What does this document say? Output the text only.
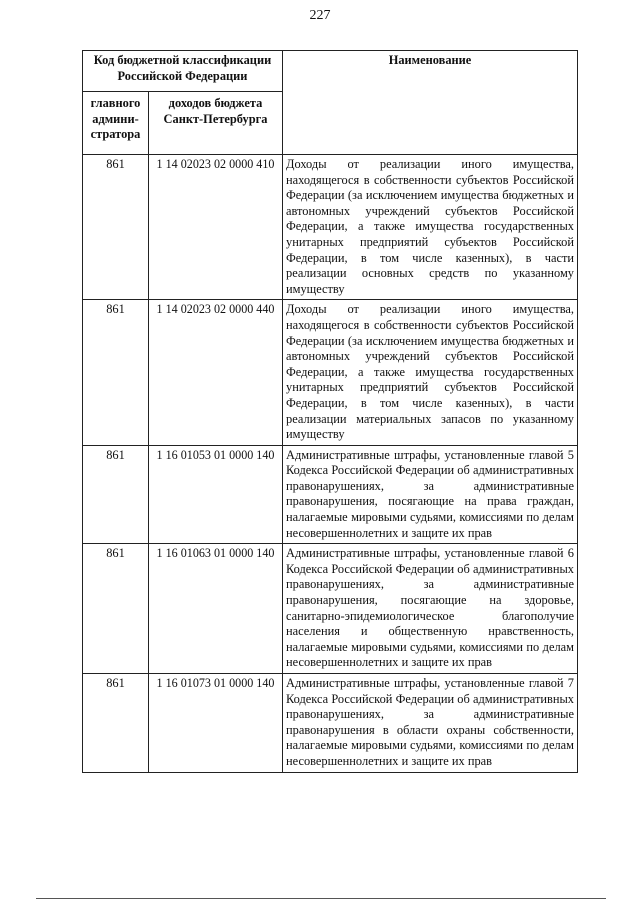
227
Код бюджетной классификации Российской Федерации		Наименование
главного админи-стратора	доходов бюджета Санкт-Петербурга	
861	1 14 02023 02 0000 410	Доходы от реализации иного имущества, находящегося в собственности субъектов Российской Федерации (за исключением имущества бюджетных и автономных учреждений субъектов Российской Федерации, а также имущества государственных унитарных предприятий субъектов Российской Федерации, в том числе казенных), в части реализации основных средств по указанному имуществу
861	1 14 02023 02 0000 440	Доходы от реализации иного имущества, находящегося в собственности субъектов Российской Федерации (за исключением имущества бюджетных и автономных учреждений субъектов Российской Федерации, а также имущества государственных унитарных предприятий субъектов Российской Федерации, в том числе казенных), в части реализации материальных запасов по указанному имуществу
861	1 16 01053 01 0000 140	Административные штрафы, установленные главой 5 Кодекса Российской Федерации об административных правонарушениях, за административные правонарушения, посягающие на права граждан, налагаемые мировыми судьями, комиссиями по делам несовершеннолетних и защите их прав
861	1 16 01063 01 0000 140	Административные штрафы, установленные главой 6 Кодекса Российской Федерации об административных правонарушениях, за административные правонарушения, посягающие на здоровье, санитарно-эпидемиологическое благополучие населения и общественную нравственность, налагаемые мировыми судьями, комиссиями по делам несовершеннолетних и защите их прав
861	1 16 01073 01 0000 140	Административные штрафы, установленные главой 7 Кодекса Российской Федерации об административных правонарушениях, за административные правонарушения в области охраны собственности, налагаемые мировыми судьями, комиссиями по делам несовершеннолетних и защите их прав
